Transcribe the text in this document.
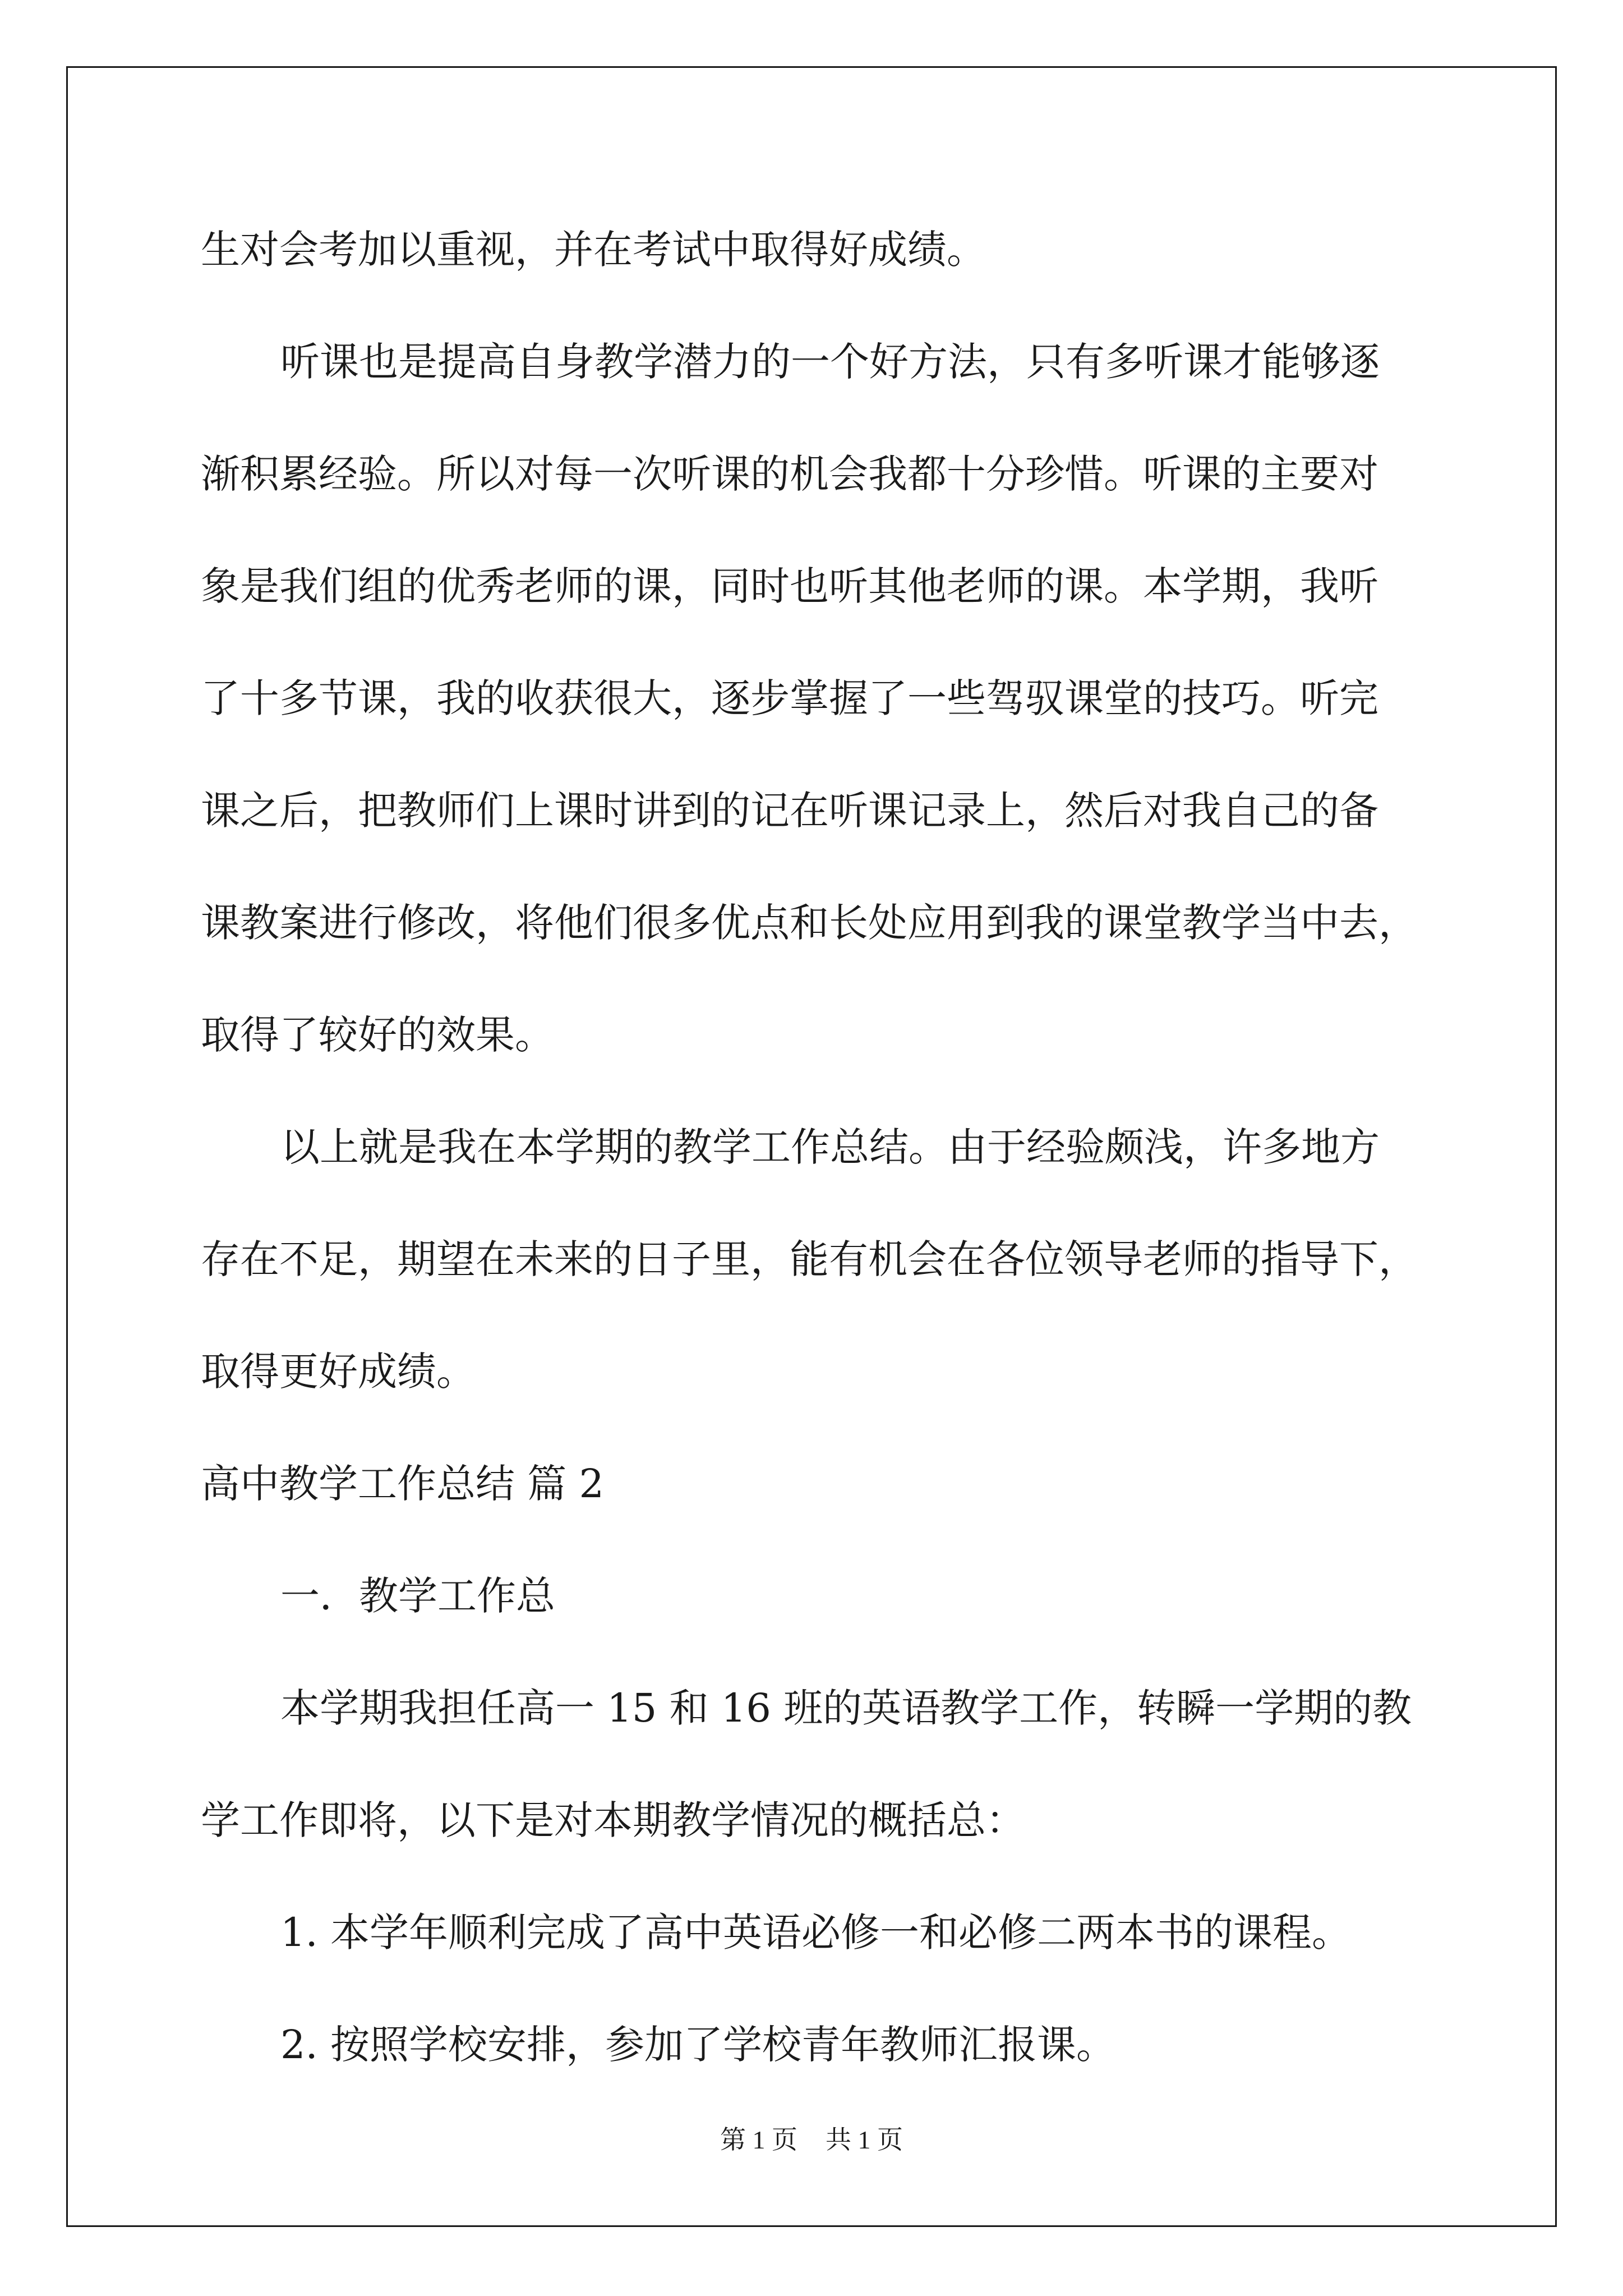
生对会考加以重视，并在考试中取得好成绩。

听课也是提高自身教学潜力的一个好方法，只有多听课才能够逐

渐积累经验。所以对每一次听课的机会我都十分珍惜。听课的主要对

象是我们组的优秀老师的课，同时也听其他老师的课。本学期，我听

了十多节课，我的收获很大，逐步掌握了一些驾驭课堂的技巧。听完

课之后，把教师们上课时讲到的记在听课记录上，然后对我自己的备

课教案进行修改，将他们很多优点和长处应用到我的课堂教学当中去，

取得了较好的效果。

以上就是我在本学期的教学工作总结。由于经验颇浅，许多地方

存在不足，期望在未来的日子里，能有机会在各位领导老师的指导下，

取得更好成绩。

高中教学工作总结 篇 2

一．教学工作总

本学期我担任高一 15 和 16 班的英语教学工作，转瞬一学期的教

学工作即将，以下是对本期教学情况的概括总：

1. 本学年顺利完成了高中英语必修一和必修二两本书的课程。

2. 按照学校安排，参加了学校青年教师汇报课。

第 1 页 共 1 页
